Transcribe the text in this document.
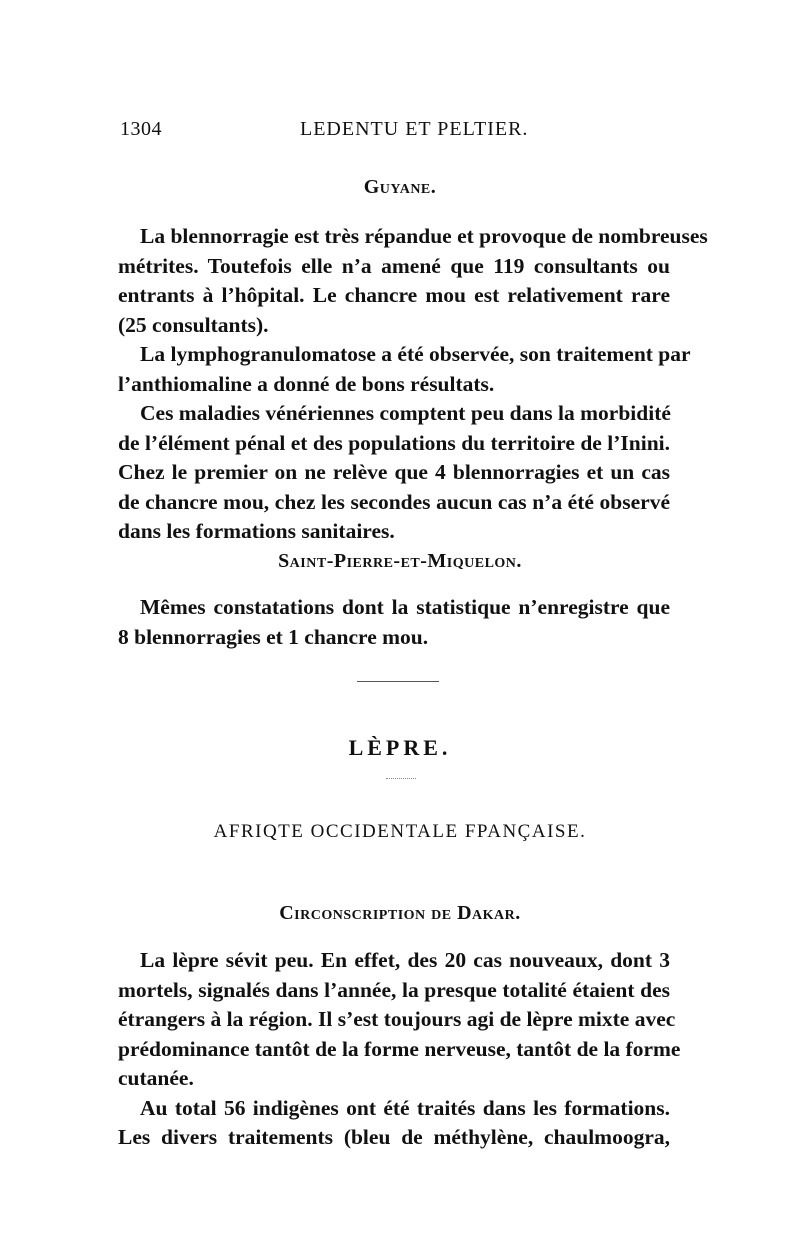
1304	LEDENTU ET PELTIER.
Guyane.
La blennorragie est très répandue et provoque de nombreuses
métrites. Toutefois elle n’a amené que 119 consultants ou
entrants à l’hôpital. Le chancre mou est relativement rare
(25 consultants).
La lymphogranulomatose a été observée, son traitement par
l’anthiomaline a donné de bons résultats.
Ces maladies vénériennes comptent peu dans la morbidité
de l’élément pénal et des populations du territoire de l’Inini.
Chez le premier on ne relève que 4 blennorragies et un cas
de chancre mou, chez les secondes aucun cas n’a été observé
dans les formations sanitaires.
Saint-Pierre-et-Miquelon.
Mêmes constatations dont la statistique n’enregistre que
8 blennorragies et 1 chancre mou.
LÈPRE.
AFRIQTE OCCIDENTALE FPANÇAISE.
Circonscription de Dakar.
La lèpre sévit peu. En effet, des 20 cas nouveaux, dont 3
mortels, signalés dans l’année, la presque totalité étaient des
étrangers à la région. Il s’est toujours agi de lèpre mixte avec
prédominance tantôt de la forme nerveuse, tantôt de la forme
cutanée.
Au total 56 indigènes ont été traités dans les formations.
Les divers traitements (bleu de méthylène, chaulmoogra,
